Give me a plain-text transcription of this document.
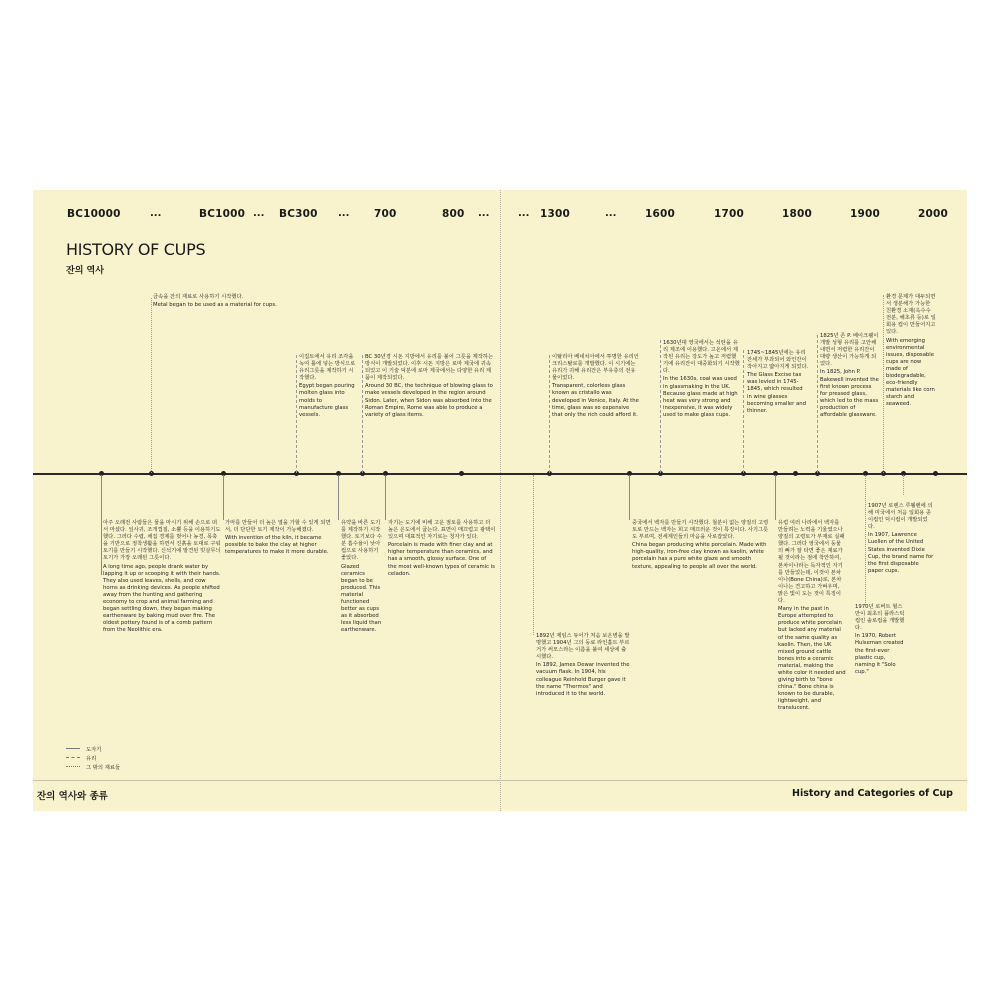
BC10000	...	BC1000 ... BC300 ... 700	800 ...	... 1300	...	1600	1700	1800	1900	2000
HISTORY OF CUPS
잔의 역사

금속을 잔의 재료로 사용하기 시작했다.

Metal began to be used as a material for cups.

이집트에서 유리 조각을 녹여 틀에 넣는 방식으로 유리그릇을 제작하기 시작했다.

Egypt began pouring molten glass into molds to manufacture glass vessels.

BC 30년경 시돈 지방에서 유리를 불어 그릇을 제작하는 방식이 개발되었다. 이후 시돈 지방은 로마 제국에 귀속되었고 이 기술 덕분에 로마 제국에서는 다양한 유리 제품이 제작되었다.

Around 30 BC, the technique of blowing glass to make vessels developed in the region around Sidon. Later, when Sidon was absorbed into the Roman Empire, Rome was able to produce a variety of glass items.

이탈리아 베네치아에서 투명한 유리인 크리스탈로를 개발했다. 이 시기에는 유리가 귀해 유리잔은 부유층의 전유물이었다.

Transparent, colorless glass known as cristallo was developed in Venice, Italy. At the time, glass was so expensive that only the rich could afford it.

1630년대 영국에서는 석탄을 유리 제조에 이용했다. 고온에서 제작된 유리는 강도가 높고 저렴했기에 유리잔이 대중화되기 시작했다.

In the 1630s, coal was used in glassmaking in the UK. Because glass made at high heat was very strong and inexpensive, it was widely used to make glass cups.

1745~1845년에는 유리잔세가 부과되어 와인잔이 작아지고 얇아지게 되었다.

The Glass Excise tax was levied in 1745-1845, which resulted in wine glasses becoming smaller and thinner.

1825년 존 P. 베이크웰이 개발 성형 유리를 고안해 내면서 저렴한 유리잔이 대량 생산이 가능하게 되었다.

In 1825, John P. Bakewell invented the first known process for pressed glass, which led to the mass production of affordable glassware.

환경 문제가 대두되면서 생분해가 가능한 친환경 소재(옥수수 전분, 해초류 등)로 일회용 컵이 만들어지고 있다.

With emerging environmental issues, disposable cups are now made of biodegradable, eco-friendly materials like corn starch and seaweed.

아주 오래전 사람들은 물을 마시기 위해 손으로 떠서 마셨다. 잎사귀, 조개껍질, 소뿔 등을 이용하기도 했다. 그러다 수렵, 채집 경제를 벗어나 농경, 목축을 기반으로 정착생활을 하면서 진흙을 토대로 구워 토기를 만들기 시작했다. 신석기에 발견된 빗살무늬 토기가 가장 오래된 그릇이다.

A long time ago, people drank water by lapping it up or scooping it with their hands. They also used leaves, shells, and cow horns as drinking devices. As people shifted away from the hunting and gathering economy to crop and animal farming and began settling down, they began making earthenware by baking mud over fire. The oldest pottery found is of a comb pattern from the Neolithic era.

가마를 만들어 더 높은 열을 가할 수 있게 되면서, 더 단단한 토기 제작이 가능해졌다.

With invention of the kiln, it became possible to bake the clay at higher temperatures to make it more durable.

유약을 바른 도기를 제작하기 시작했다. 토기보다 수분 흡수율이 낮아 컵으로 사용하기 좋았다.

Glazed ceramics began to be produced. This material functioned better as cups as it absorbed less liquid than earthenware.

자기는 도기에 비해 고운 점토를 사용하고 더 높은 온도에서 굽는다. 표면이 매끄럽고 광택이 있으며 대표적인 자기로는 청자가 있다.

Porcelain is made with finer clay and at higher temperature than ceramics, and has a smooth, glossy surface. One of the most well-known types of ceramic is celadon.

1892년 제임스 듀어가 처음 보온병을 발명했고 1904년 그의 동료 라인홀트 부르거가 써모스라는 이름을 붙여 세상에 출시했다.

In 1892, James Dewar invented the vacuum flask. In 1904, his colleague Reinhold Burger gave it the name "Thermos" and introduced it to the world.

중국에서 백자를 만들기 시작했다. 철분이 없는 양질의 고령토로 만드는 백자는 희고 매끄러운 것이 특징이다. 사기그릇도 부르며, 전세계인들의 마음을 사로잡았다.

China began producing white porcelain. Made with high-quality, iron-free clay known as kaolin, white porcelain has a pure white glaze and smooth texture, appealing to people all over the world.

유럽 여러 나라에서 백자를 만들려는 노력을 기울였으나 양질의 고령토가 부재로 실패했다. 그러다 영국에서 동물의 뼈가 잘 타면 좋은 재료가 될 것이라는 점에 착안하여, 본차이나라는 독자적인 자기를 만들었는데, 이것이 본차이나(Bone China)로, 본차이나는 견고하고 가벼우며, 맑은 빛이 도는 것이 특징이다.

Many in the past in Europe attempted to produce white porcelain but lacked any material of the same quality as kaolin. Then, the UK mixed ground cattle bones into a ceramic material, making the white color it needed and giving birth to "bone china." Bone china is known to be durable, lightweight, and translucent.

1907년 로렌스 루웰렌에 의해 미국에서 처음 일회용 종이컵인 딕시컵이 개발되었다.

In 1907, Lawrence Luellen of the United States invented Dixie Cup, the brand name for the first disposable paper cups.

1970년 로버트 헐스만이 최초의 플라스틱컵인 솔로컵을 개발했다.

In 1970, Robert Hulseman created the first-ever plastic cup, naming it "Solo cup."

도자기
유리
그 밖의 재료들
잔의 역사와 종류	History and Categories of Cup
